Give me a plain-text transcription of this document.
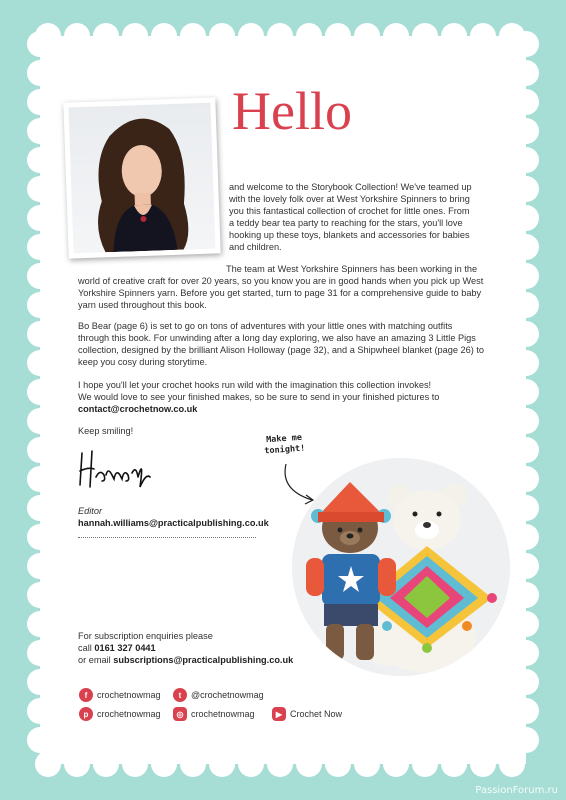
Hello
and welcome to the Storybook Collection! We've teamed up
with the lovely folk over at West Yorkshire Spinners to bring
you this fantastical collection of crochet for little ones. From
a teddy bear tea party to reaching for the stars, you'll love
hooking up these toys, blankets and accessories for babies
and children.
The team at West Yorkshire Spinners has been working in the
world of creative craft for over 20 years, so you know you are in good hands when you pick up West
Yorkshire Spinners yarn. Before you get started, turn to page 31 for a comprehensive guide to baby
yarn used throughout this book.
Bo Bear (page 6) is set to go on tons of adventures with your little ones with matching outfits
through this book. For unwinding after a long day exploring, we also have an amazing 3 Little Pigs
collection, designed by the brilliant Alison Holloway (page 32), and a Shipwheel blanket (page 26) to
keep you cosy during storytime.
I hope you'll let your crochet hooks run wild with the imagination this collection invokes!
We would love to see your finished makes, so be sure to send in your finished pictures to
contact@crochetnow.co.uk
Keep smiling!
Editor
hannah.williams@practicalpublishing.co.uk
Make me
tonight!
For subscription enquiries please
call 0161 327 0441
or email subscriptions@practicalpublishing.co.uk
f	crochetnowmag	t	@crochetnowmag
p crochetnowmag	◎ crochetnowmag	▶ Crochet Now
PassionForum.ru
